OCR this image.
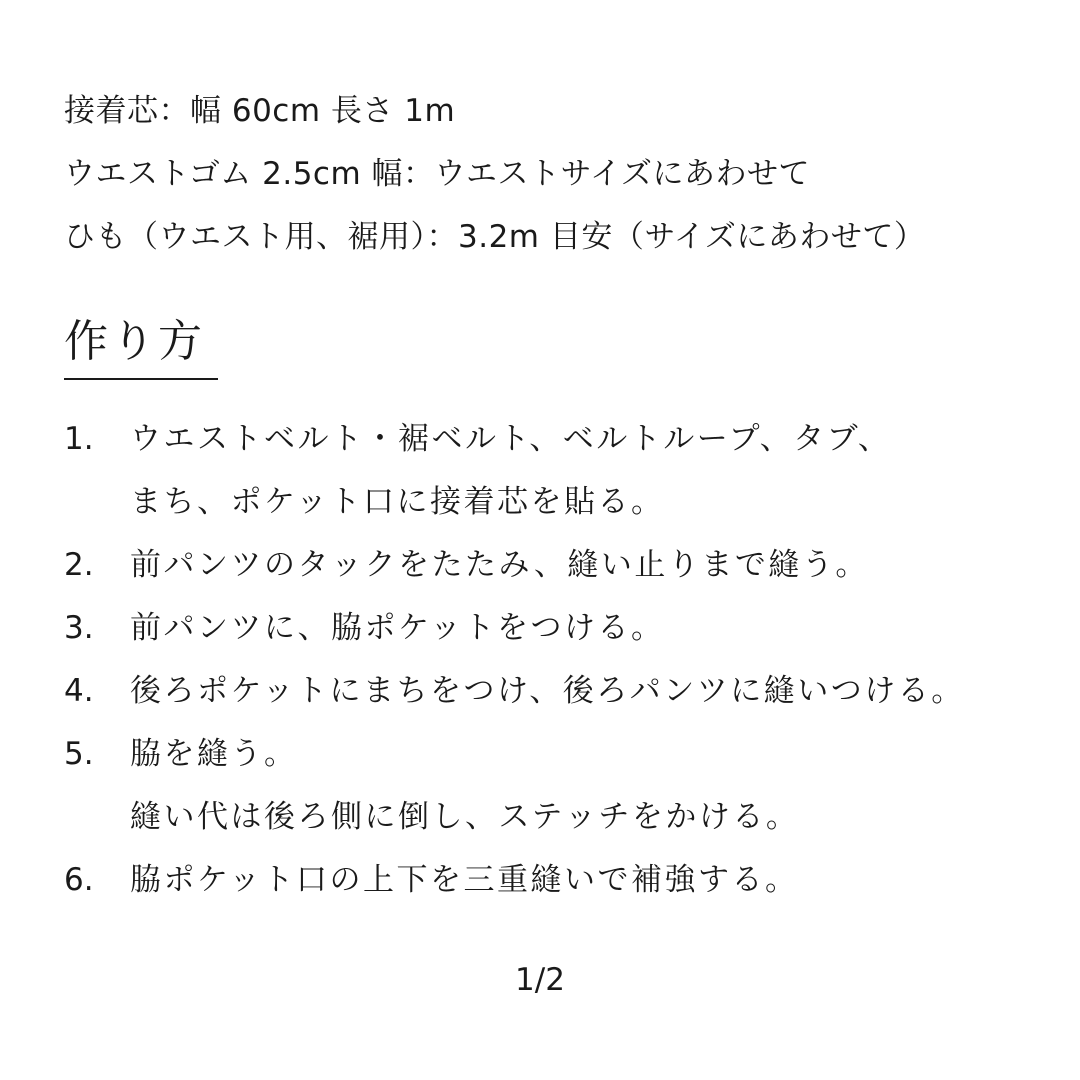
接着芯：幅 60cm 長さ 1m
ウエストゴム 2.5cm 幅：ウエストサイズにあわせて
ひも（ウエスト用、裾用）：3.2m 目安（サイズにあわせて）
作り方
1.	ウエストベルト・裾ベルト、ベルトループ、タブ、
まち、ポケット口に接着芯を貼る。
2.	前パンツのタックをたたみ、縫い止りまで縫う。
3.	前パンツに、脇ポケットをつける。
4.	後ろポケットにまちをつけ、後ろパンツに縫いつける。
5.	脇を縫う。
縫い代は後ろ側に倒し、ステッチをかける。
6.	脇ポケット口の上下を三重縫いで補強する。
1/2
